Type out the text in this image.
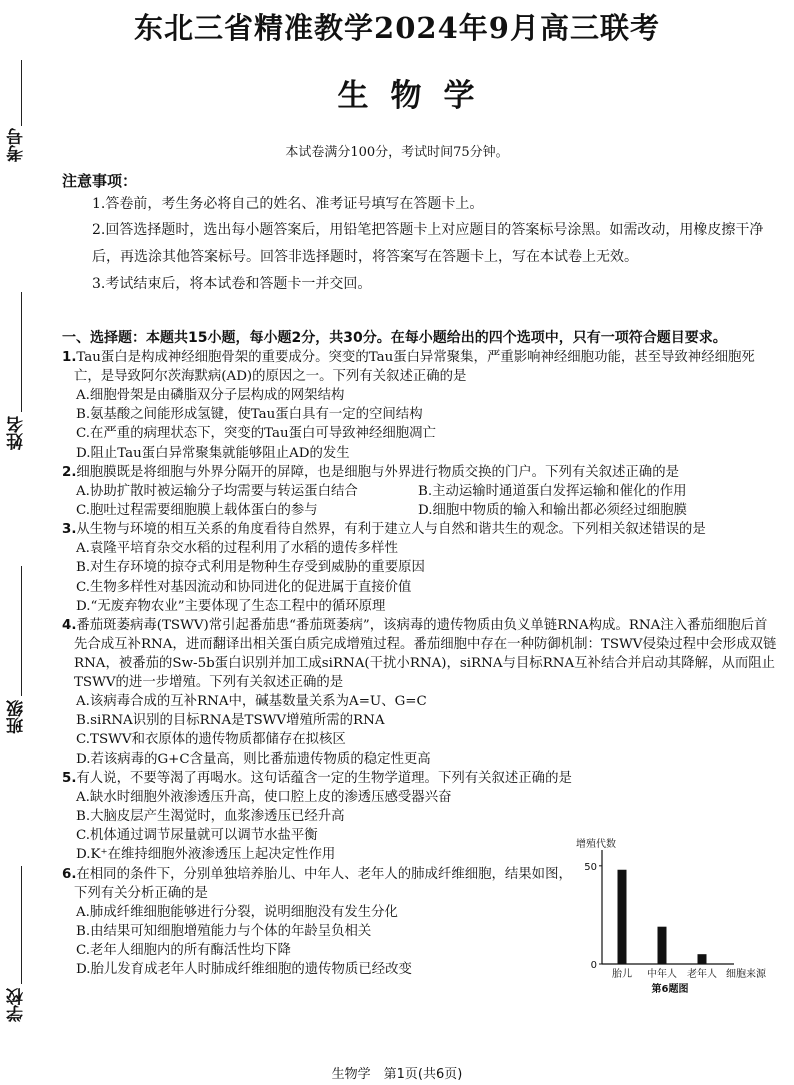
考号
姓名
班级
学校
东北三省精准教学2024年9月高三联考
生物学
本试卷满分100分，考试时间75分钟。
注意事项：
1.答卷前，考生务必将自己的姓名、准考证号填写在答题卡上。
2.回答选择题时，选出每小题答案后，用铅笔把答题卡上对应题目的答案标号涂黑。如需改动，用橡皮擦干净后，再选涂其他答案标号。回答非选择题时，将答案写在答题卡上，写在本试卷上无效。
3.考试结束后，将本试卷和答题卡一并交回。
一、选择题：本题共15小题，每小题2分，共30分。在每小题给出的四个选项中，只有一项符合题目要求。
1.Tau蛋白是构成神经细胞骨架的重要成分。突变的Tau蛋白异常聚集，严重影响神经细胞功能，甚至导致神经细胞死亡，是导致阿尔茨海默病(AD)的原因之一。下列有关叙述正确的是
A.细胞骨架是由磷脂双分子层构成的网架结构
B.氨基酸之间能形成氢键，使Tau蛋白具有一定的空间结构
C.在严重的病理状态下，突变的Tau蛋白可导致神经细胞凋亡
D.阻止Tau蛋白异常聚集就能够阻止AD的发生
2.细胞膜既是将细胞与外界分隔开的屏障，也是细胞与外界进行物质交换的门户。下列有关叙述正确的是
A.协助扩散时被运输分子均需要与转运蛋白结合	B.主动运输时通道蛋白发挥运输和催化的作用
C.胞吐过程需要细胞膜上载体蛋白的参与	D.细胞中物质的输入和输出都必须经过细胞膜
3.从生物与环境的相互关系的角度看待自然界，有利于建立人与自然和谐共生的观念。下列相关叙述错误的是
A.袁隆平培育杂交水稻的过程利用了水稻的遗传多样性
B.对生存环境的掠夺式利用是物种生存受到威胁的重要原因
C.生物多样性对基因流动和协同进化的促进属于直接价值
D.“无废弃物农业”主要体现了生态工程中的循环原理
4.番茄斑萎病毒(TSWV)常引起番茄患“番茄斑萎病”，该病毒的遗传物质由负义单链RNA构成。RNA注入番茄细胞后首先合成互补RNA，进而翻译出相关蛋白质完成增殖过程。番茄细胞中存在一种防御机制：TSWV侵染过程中会形成双链RNA，被番茄的Sw-5b蛋白识别并加工成siRNA(干扰小RNA)，siRNA与目标RNA互补结合并启动其降解，从而阻止TSWV的进一步增殖。下列有关叙述正确的是
A.该病毒合成的互补RNA中，碱基数量关系为A=U、G=C
B.siRNA识别的目标RNA是TSWV增殖所需的RNA
C.TSWV和衣原体的遗传物质都储存在拟核区
D.若该病毒的G+C含量高，则比番茄遗传物质的稳定性更高
5.有人说，不要等渴了再喝水。这句话蕴含一定的生物学道理。下列有关叙述正确的是
A.缺水时细胞外液渗透压升高，使口腔上皮的渗透压感受器兴奋
B.大脑皮层产生渴觉时，血浆渗透压已经升高
C.机体通过调节尿量就可以调节水盐平衡
D.K⁺在维持细胞外液渗透压上起决定性作用
6.在相同的条件下，分别单独培养胎儿、中年人、老年人的肺成纤维细胞，结果如图，下列有关分析正确的是
A.肺成纤维细胞能够进行分裂，说明细胞没有发生分化
B.由结果可知细胞增殖能力与个体的年龄呈负相关
C.老年人细胞内的所有酶活性均下降
D.胎儿发育成老年人时肺成纤维细胞的遗传物质已经改变
增殖代数
0
50
胎儿 中年人 老年人 细胞来源
第6题图
生物学　第1页(共6页)
